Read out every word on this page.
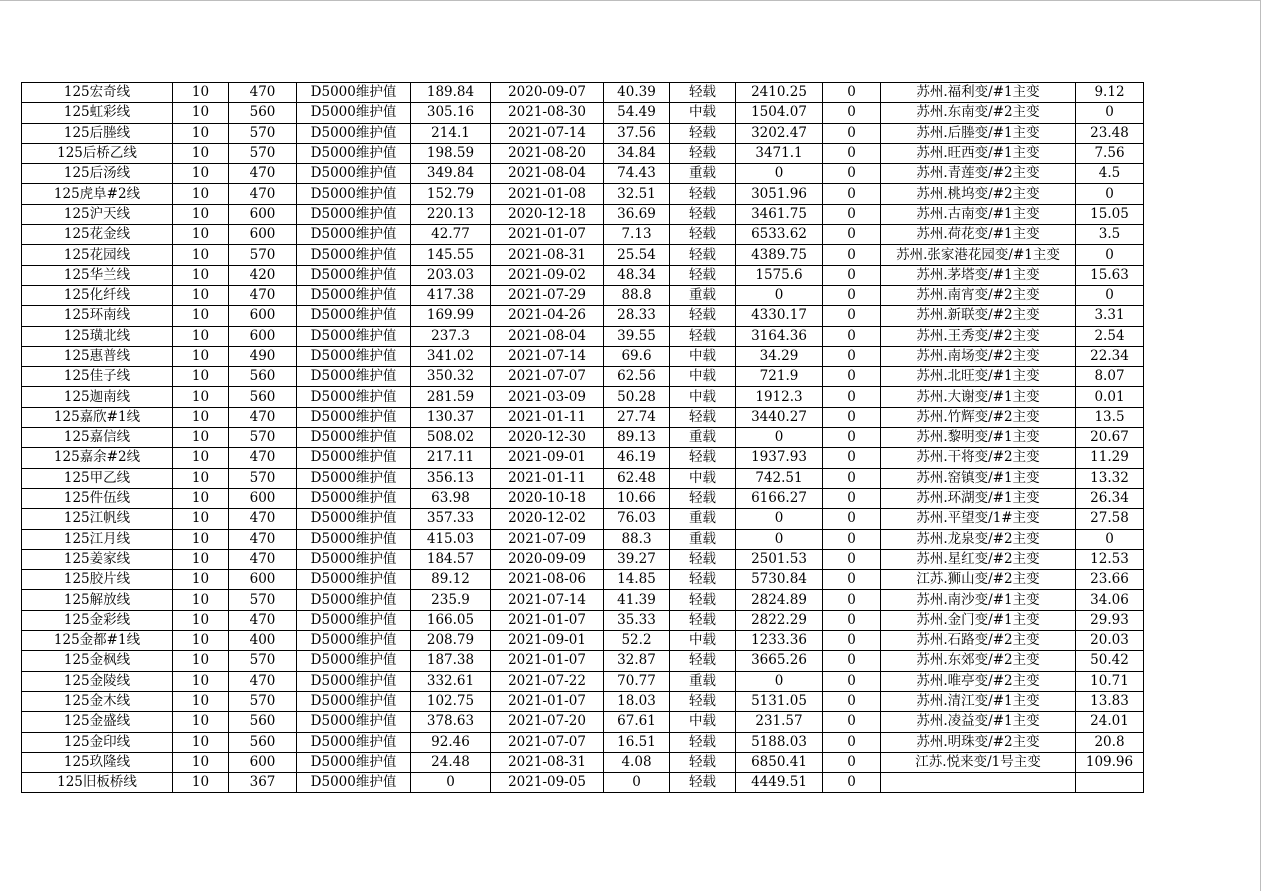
125宏奇线	10	470	D5000维护值	189.84	2020-09-07	40.39	轻载	2410.25	0	苏州.福利变/#1主变	9.12
125虹彩线	10	560	D5000维护值	305.16	2021-08-30	54.49	中载	1504.07	0	苏州.东南变/#2主变	0
125后塍线	10	570	D5000维护值	214.1	2021-07-14	37.56	轻载	3202.47	0	苏州.后塍变/#1主变	23.48
125后桥乙线	10	570	D5000维护值	198.59	2021-08-20	34.84	轻载	3471.1	0	苏州.旺西变/#1主变	7.56
125后汤线	10	470	D5000维护值	349.84	2021-08-04	74.43	重载	0	0	苏州.青莲变/#2主变	4.5
125虎阜#2线	10	470	D5000维护值	152.79	2021-01-08	32.51	轻载	3051.96	0	苏州.桃坞变/#2主变	0
125沪天线	10	600	D5000维护值	220.13	2020-12-18	36.69	轻载	3461.75	0	苏州.古南变/#1主变	15.05
125花金线	10	600	D5000维护值	42.77	2021-01-07	7.13	轻载	6533.62	0	苏州.荷花变/#1主变	3.5
125花园线	10	570	D5000维护值	145.55	2021-08-31	25.54	轻载	4389.75	0	苏州.张家港花园变/#1主变	0
125华兰线	10	420	D5000维护值	203.03	2021-09-02	48.34	轻载	1575.6	0	苏州.茅塔变/#1主变	15.63
125化纤线	10	470	D5000维护值	417.38	2021-07-29	88.8	重载	0	0	苏州.南宵变/#2主变	0
125环南线	10	600	D5000维护值	169.99	2021-04-26	28.33	轻载	4330.17	0	苏州.新联变/#2主变	3.31
125璜北线	10	600	D5000维护值	237.3	2021-08-04	39.55	轻载	3164.36	0	苏州.王秀变/#2主变	2.54
125惠普线	10	490	D5000维护值	341.02	2021-07-14	69.6	中载	34.29	0	苏州.南场变/#2主变	22.34
125佳子线	10	560	D5000维护值	350.32	2021-07-07	62.56	中载	721.9	0	苏州.北旺变/#1主变	8.07
125迦南线	10	560	D5000维护值	281.59	2021-03-09	50.28	中载	1912.3	0	苏州.大谢变/#1主变	0.01
125嘉欣#1线	10	470	D5000维护值	130.37	2021-01-11	27.74	轻载	3440.27	0	苏州.竹辉变/#2主变	13.5
125嘉信线	10	570	D5000维护值	508.02	2020-12-30	89.13	重载	0	0	苏州.黎明变/#1主变	20.67
125嘉余#2线	10	470	D5000维护值	217.11	2021-09-01	46.19	轻载	1937.93	0	苏州.干将变/#2主变	11.29
125甲乙线	10	570	D5000维护值	356.13	2021-01-11	62.48	中载	742.51	0	苏州.窑镇变/#1主变	13.32
125件伍线	10	600	D5000维护值	63.98	2020-10-18	10.66	轻载	6166.27	0	苏州.环湖变/#1主变	26.34
125江帆线	10	470	D5000维护值	357.33	2020-12-02	76.03	重载	0	0	苏州.平望变/1#主变	27.58
125江月线	10	470	D5000维护值	415.03	2021-07-09	88.3	重载	0	0	苏州.龙泉变/#2主变	0
125姜家线	10	470	D5000维护值	184.57	2020-09-09	39.27	轻载	2501.53	0	苏州.星红变/#2主变	12.53
125胶片线	10	600	D5000维护值	89.12	2021-08-06	14.85	轻载	5730.84	0	江苏.狮山变/#2主变	23.66
125解放线	10	570	D5000维护值	235.9	2021-07-14	41.39	轻载	2824.89	0	苏州.南沙变/#1主变	34.06
125金彩线	10	470	D5000维护值	166.05	2021-01-07	35.33	轻载	2822.29	0	苏州.金门变/#1主变	29.93
125金都#1线	10	400	D5000维护值	208.79	2021-09-01	52.2	中载	1233.36	0	苏州.石路变/#2主变	20.03
125金枫线	10	570	D5000维护值	187.38	2021-01-07	32.87	轻载	3665.26	0	苏州.东郊变/#2主变	50.42
125金陵线	10	470	D5000维护值	332.61	2021-07-22	70.77	重载	0	0	苏州.唯亭变/#2主变	10.71
125金木线	10	570	D5000维护值	102.75	2021-01-07	18.03	轻载	5131.05	0	苏州.清江变/#1主变	13.83
125金盛线	10	560	D5000维护值	378.63	2021-07-20	67.61	中载	231.57	0	苏州.凌益变/#1主变	24.01
125金印线	10	560	D5000维护值	92.46	2021-07-07	16.51	轻载	5188.03	0	苏州.明珠变/#2主变	20.8
125玖隆线	10	600	D5000维护值	24.48	2021-08-31	4.08	轻载	6850.41	0	江苏.悦来变/1号主变	109.96
125旧板桥线	10	367	D5000维护值	0	2021-09-05	0	轻载	4449.51	0		
